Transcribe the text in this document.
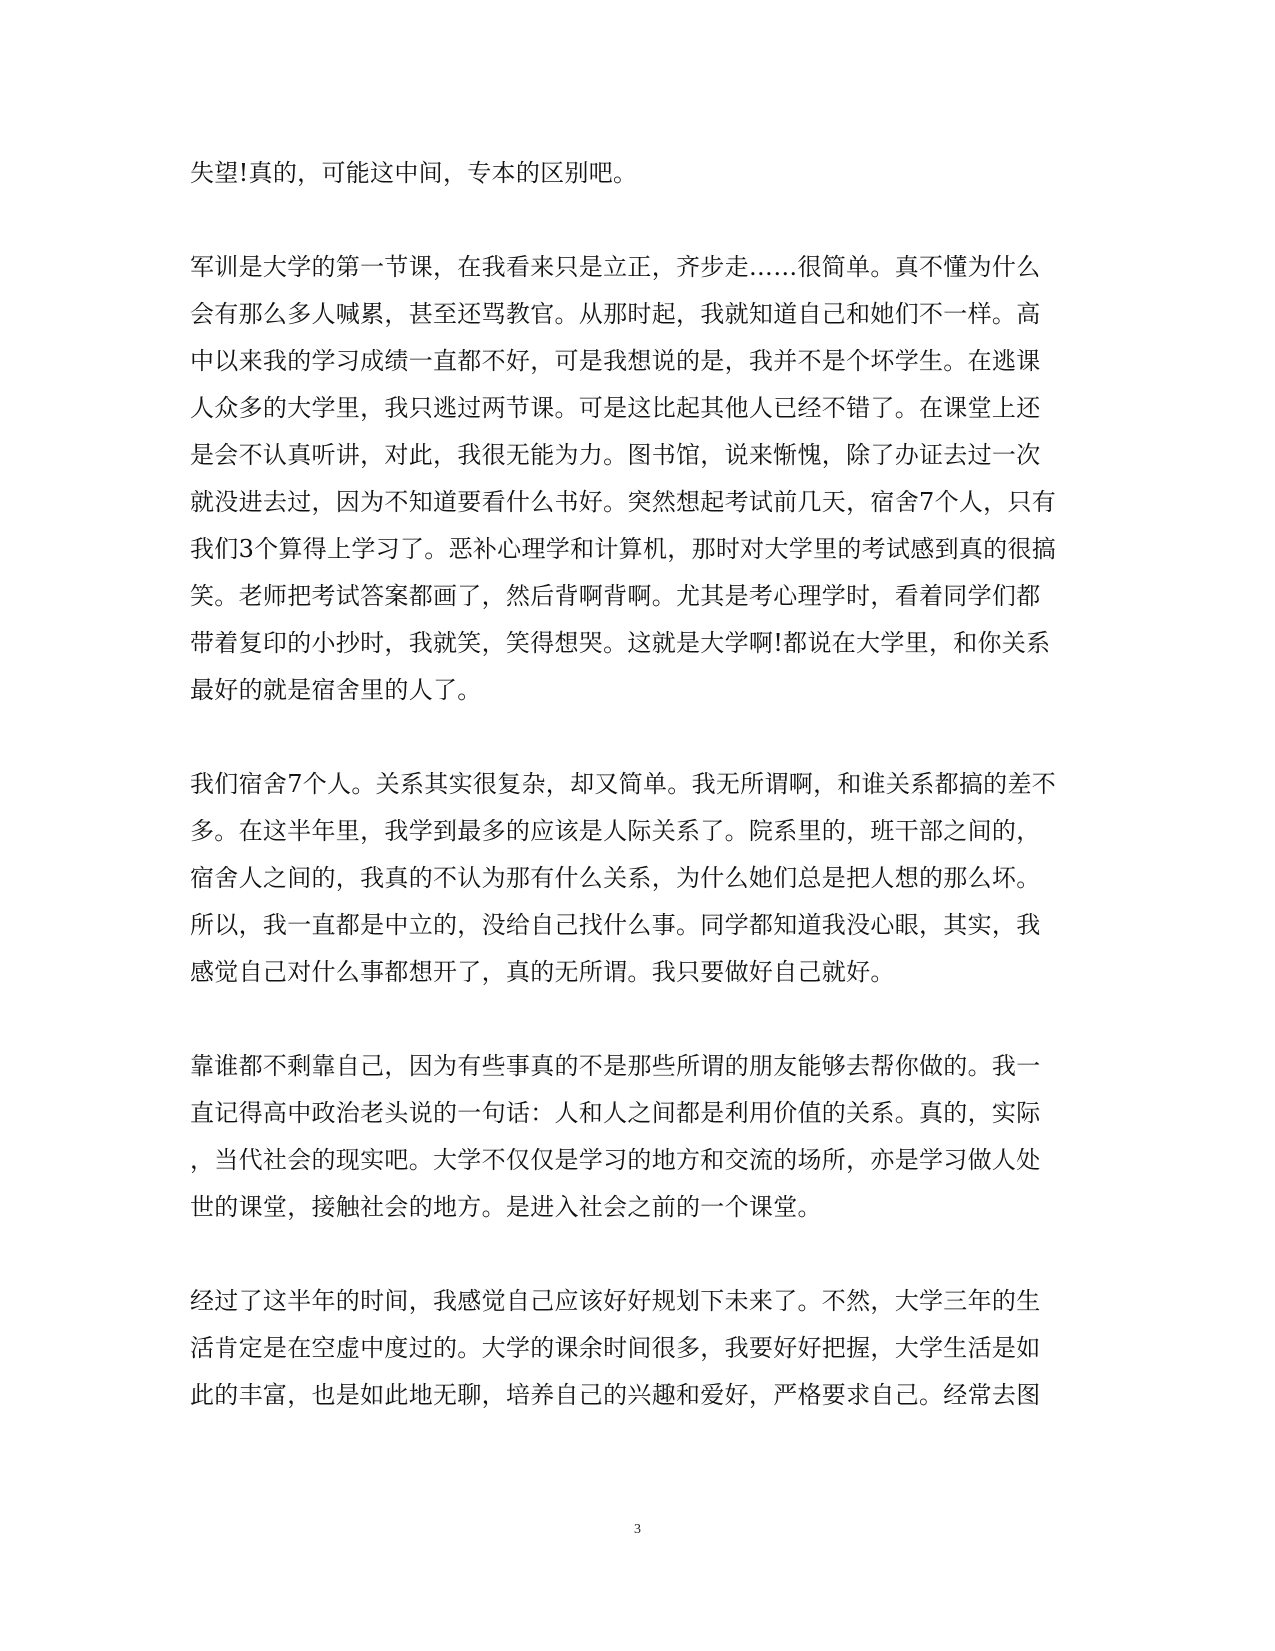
失望!真的，可能这中间，专本的区别吧。

军训是大学的第一节课，在我看来只是立正，齐步走……很简单。真不懂为什么
会有那么多人喊累，甚至还骂教官。从那时起，我就知道自己和她们不一样。高
中以来我的学习成绩一直都不好，可是我想说的是，我并不是个坏学生。在逃课
人众多的大学里，我只逃过两节课。可是这比起其他人已经不错了。在课堂上还
是会不认真听讲，对此，我很无能为力。图书馆，说来惭愧，除了办证去过一次
就没进去过，因为不知道要看什么书好。突然想起考试前几天，宿舍7个人，只有
我们3个算得上学习了。恶补心理学和计算机，那时对大学里的考试感到真的很搞
笑。老师把考试答案都画了，然后背啊背啊。尤其是考心理学时，看着同学们都
带着复印的小抄时，我就笑，笑得想哭。这就是大学啊!都说在大学里，和你关系
最好的就是宿舍里的人了。

我们宿舍7个人。关系其实很复杂，却又简单。我无所谓啊，和谁关系都搞的差不
多。在这半年里，我学到最多的应该是人际关系了。院系里的，班干部之间的，
宿舍人之间的，我真的不认为那有什么关系，为什么她们总是把人想的那么坏。
所以，我一直都是中立的，没给自己找什么事。同学都知道我没心眼，其实，我
感觉自己对什么事都想开了，真的无所谓。我只要做好自己就好。

靠谁都不剩靠自己，因为有些事真的不是那些所谓的朋友能够去帮你做的。我一
直记得高中政治老头说的一句话：人和人之间都是利用价值的关系。真的，实际
，当代社会的现实吧。大学不仅仅是学习的地方和交流的场所，亦是学习做人处
世的课堂，接触社会的地方。是进入社会之前的一个课堂。

经过了这半年的时间，我感觉自己应该好好规划下未来了。不然，大学三年的生
活肯定是在空虚中度过的。大学的课余时间很多，我要好好把握，大学生活是如
此的丰富，也是如此地无聊，培养自己的兴趣和爱好，严格要求自己。经常去图

3
